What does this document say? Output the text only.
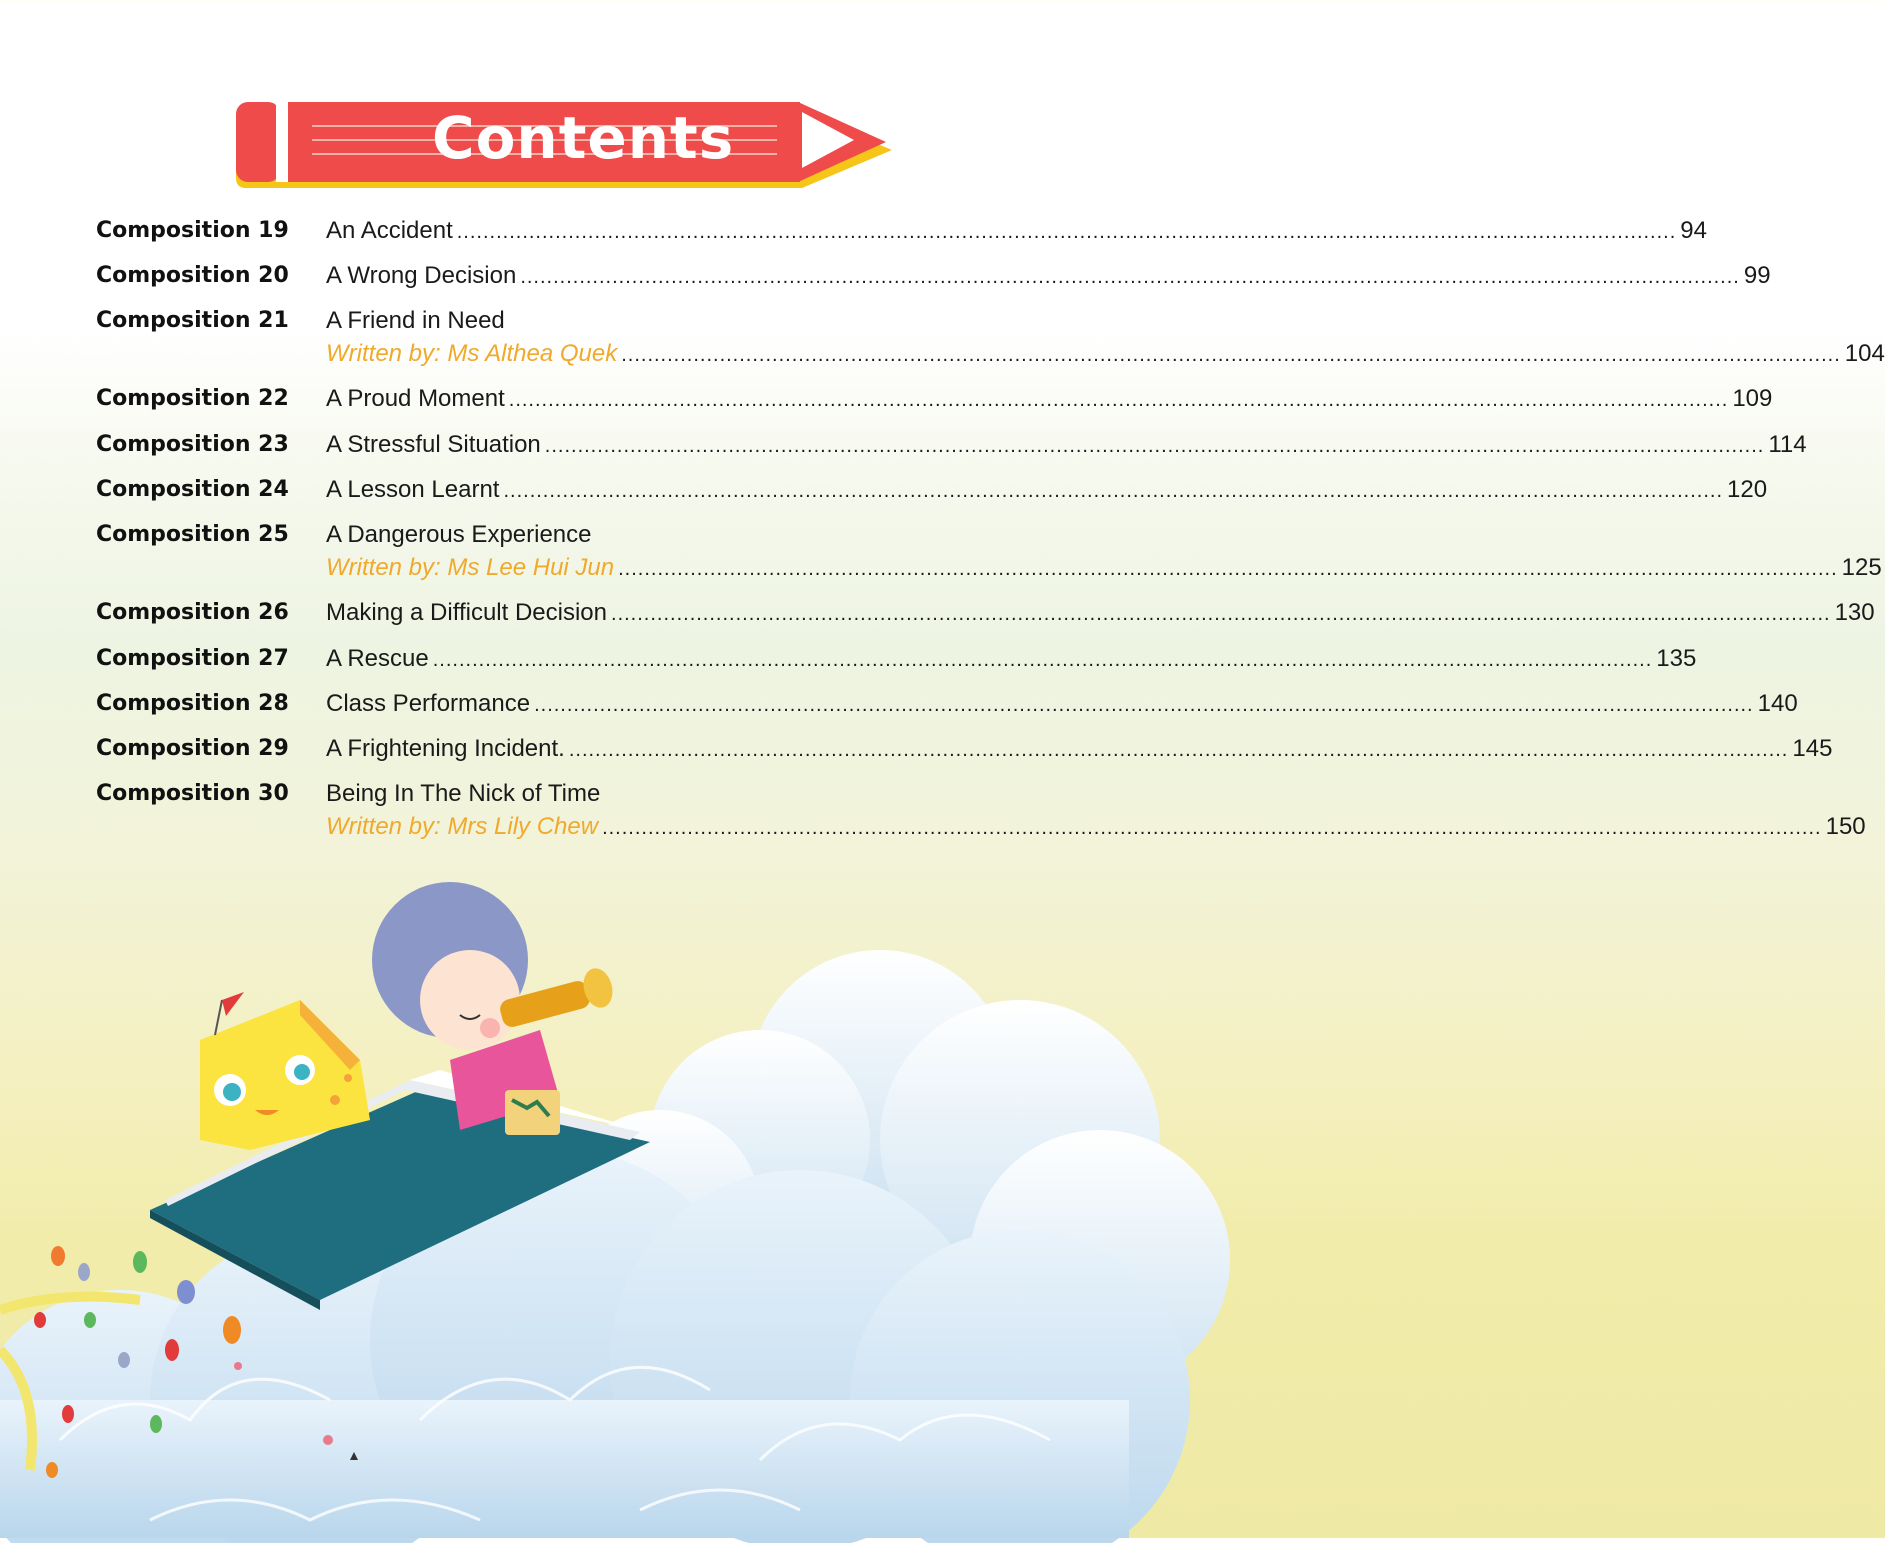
Contents
Composition 19 An Accident .......................................................................................................................................................................................... 94
Composition 20 A Wrong Decision .......................................................................................................................................................................................... 99
Composition 21 A Friend in Need
Written by: Ms Althea Quek .......................................................................................................................................................................................... 104
Composition 22 A Proud Moment .......................................................................................................................................................................................... 109
Composition 23 A Stressful Situation .......................................................................................................................................................................................... 114
Composition 24 A Lesson Learnt .......................................................................................................................................................................................... 120
Composition 25 A Dangerous Experience
Written by: Ms Lee Hui Jun .......................................................................................................................................................................................... 125
Composition 26 Making a Difficult Decision .......................................................................................................................................................................................... 130
Composition 27 A Rescue .......................................................................................................................................................................................... 135
Composition 28 Class Performance .......................................................................................................................................................................................... 140
Composition 29 A Frightening Incident. .......................................................................................................................................................................................... 145
Composition 30 Being In The Nick of Time
Written by: Mrs Lily Chew .......................................................................................................................................................................................... 150
